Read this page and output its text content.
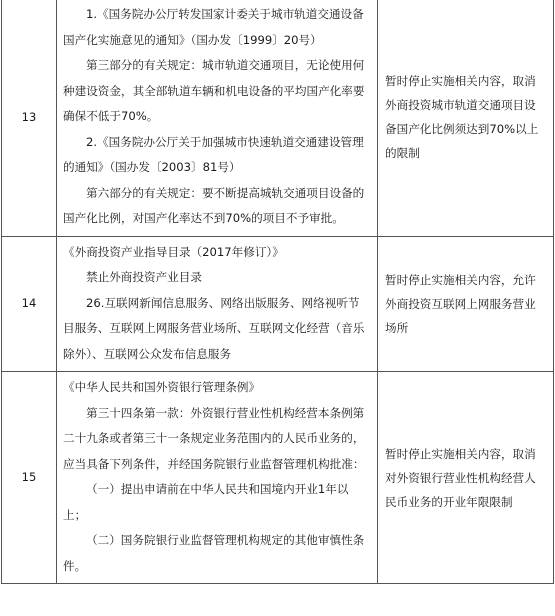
13	1.《国务院办公厅转发国家计委关于城市轨道交通设备国产化实施意见的通知》（国办发〔1999〕20号）

第三部分的有关规定：城市轨道交通项目，无论使用何种建设资金，其全部轨道车辆和机电设备的平均国产化率要确保不低于70%。

2.《国务院办公厅关于加强城市快速轨道交通建设管理的通知》（国办发〔2003〕81号）

第六部分的有关规定：要不断提高城轨交通项目设备的国产化比例，对国产化率达不到70%的项目不予审批。	暂时停止实施相关内容，取消外商投资城市轨道交通项目设备国产化比例须达到70%以上的限制
14	《外商投资产业指导目录（2017年修订）》

禁止外商投资产业目录

26.互联网新闻信息服务、网络出版服务、网络视听节目服务、互联网上网服务营业场所、互联网文化经营（音乐除外）、互联网公众发布信息服务	暂时停止实施相关内容，允许外商投资互联网上网服务营业场所
15	《中华人民共和国外资银行管理条例》

第三十四条第一款：外资银行营业性机构经营本条例第二十九条或者第三十一条规定业务范围内的人民币业务的，应当具备下列条件，并经国务院银行业监督管理机构批准：

（一）提出申请前在中华人民共和国境内开业1年以上；

（二）国务院银行业监督管理机构规定的其他审慎性条件。	暂时停止实施相关内容，取消对外资银行营业性机构经营人民币业务的开业年限限制
